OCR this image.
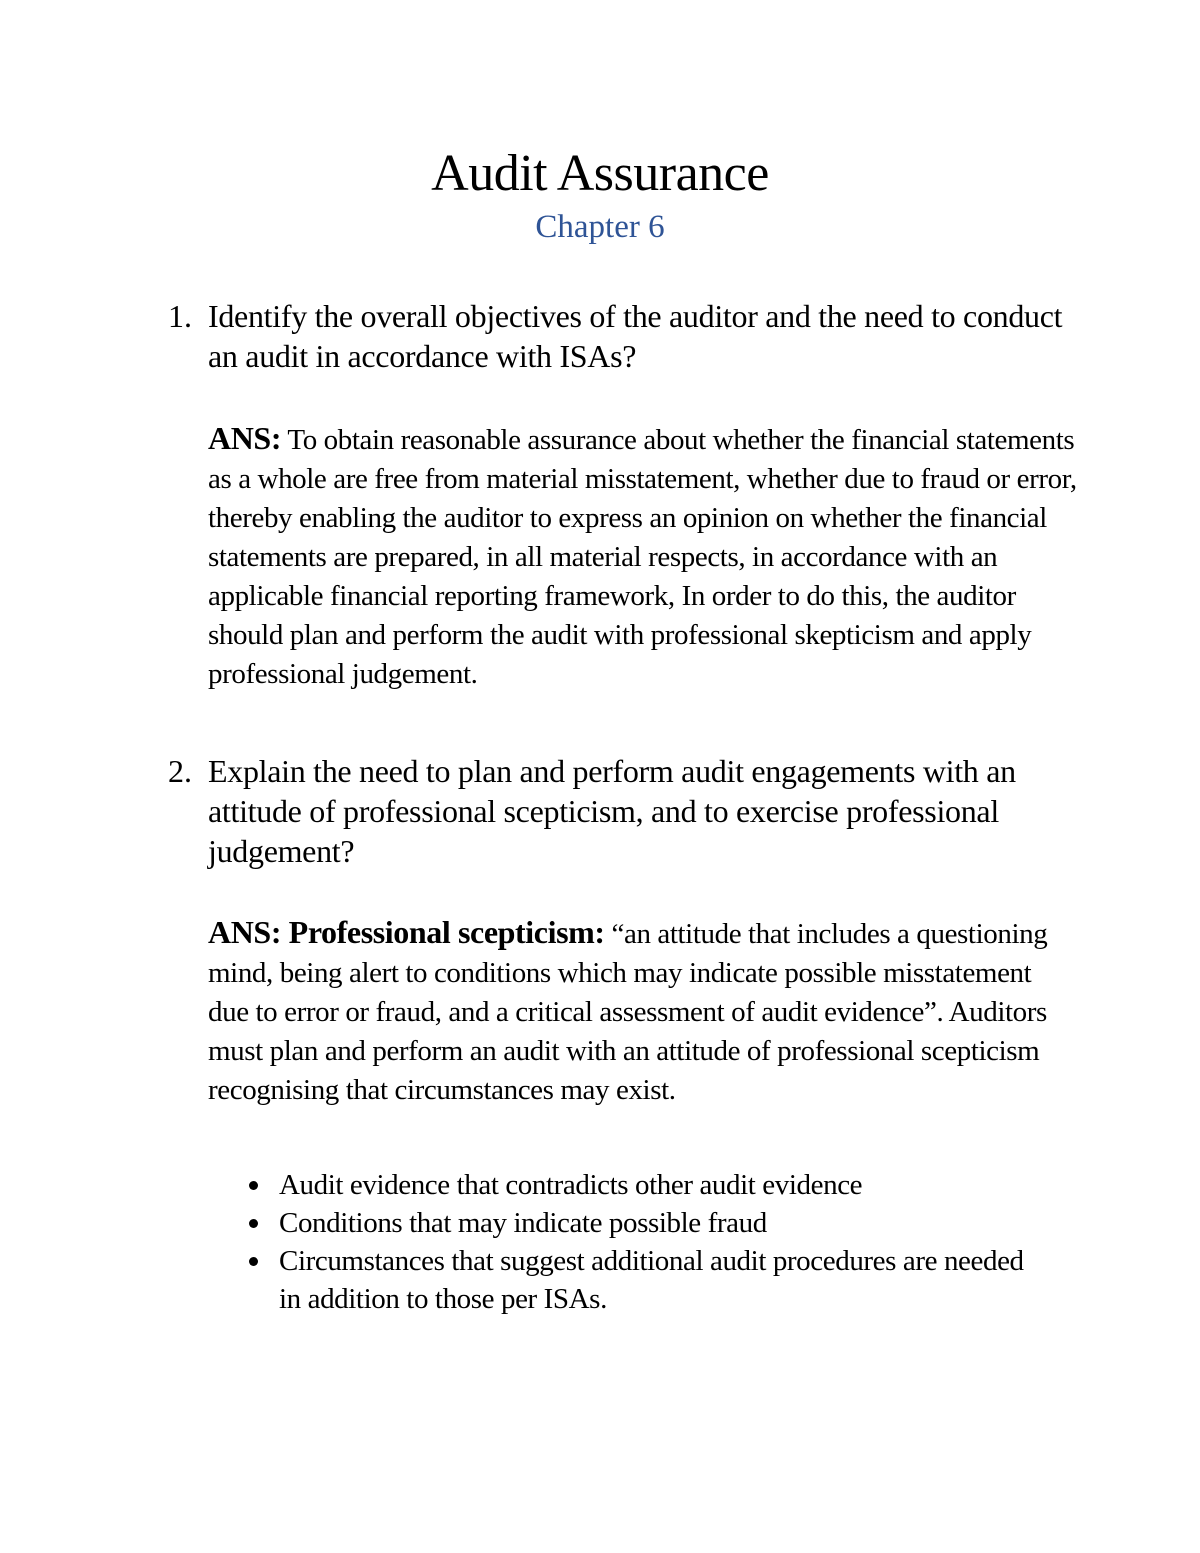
Audit Assurance
Chapter 6
1. Identify the overall objectives of the auditor and the need to conduct an audit in accordance with ISAs?
ANS: To obtain reasonable assurance about whether the financial statements as a whole are free from material misstatement, whether due to fraud or error, thereby enabling the auditor to express an opinion on whether the financial statements are prepared, in all material respects, in accordance with an applicable financial reporting framework, In order to do this, the auditor should plan and perform the audit with professional skepticism and apply professional judgement.
2. Explain the need to plan and perform audit engagements with an attitude of professional scepticism, and to exercise professional judgement?
ANS: Professional scepticism: “an attitude that includes a questioning mind, being alert to conditions which may indicate possible misstatement due to error or fraud, and a critical assessment of audit evidence”. Auditors must plan and perform an audit with an attitude of professional scepticism recognising that circumstances may exist.
Audit evidence that contradicts other audit evidence
Conditions that may indicate possible fraud
Circumstances that suggest additional audit procedures are needed in addition to those per ISAs.
